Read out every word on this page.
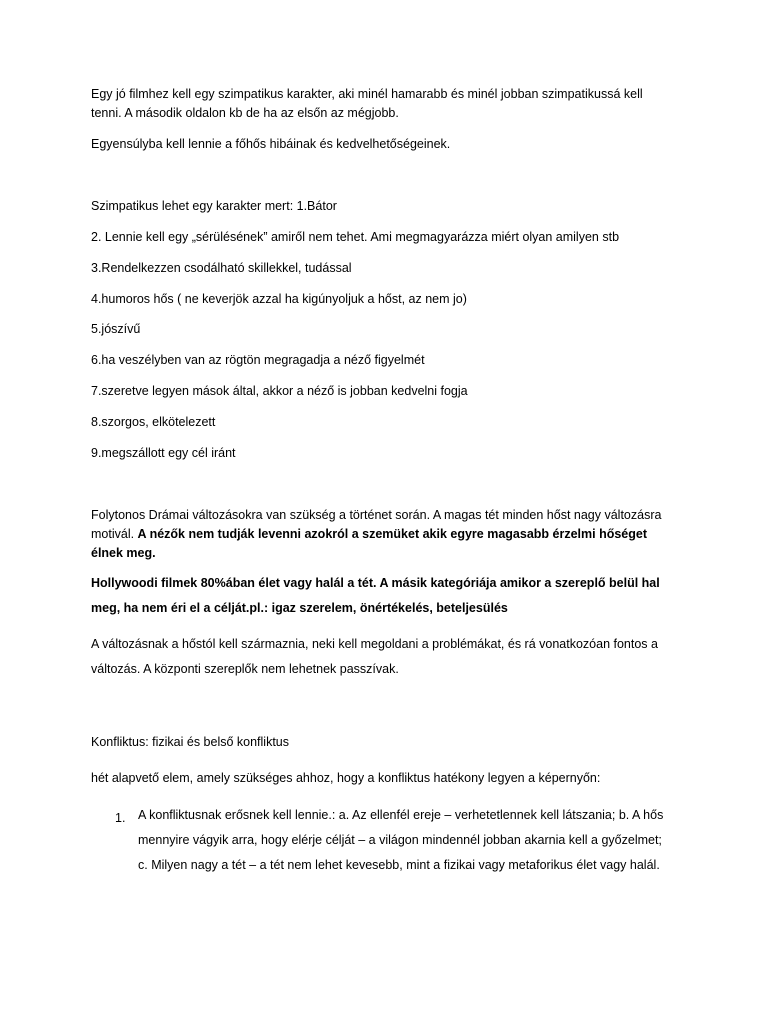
Egy jó filmhez kell egy szimpatikus karakter, aki minél hamarabb és minél jobban szimpatikussá kell tenni. A második oldalon kb de ha az elsőn az mégjobb.

Egyensúlyba kell lennie a főhős hibáinak és kedvelhetőségeinek.

Szimpatikus lehet egy karakter mert: 1.Bátor

2. Lennie kell egy „sérülésének” amiről nem tehet. Ami megmagyarázza miért olyan amilyen stb

3.Rendelkezzen csodálható skillekkel, tudással

4.humoros hős ( ne keverjök azzal ha kigúnyoljuk a hőst, az nem jo)

5.jószívű

6.ha veszélyben van az rögtön megragadja a néző figyelmét

7.szeretve legyen mások által, akkor a néző is jobban kedvelni fogja

8.szorgos, elkötelezett

9.megszállott egy cél iránt

Folytonos Drámai változásokra van szükség a történet során. A magas tét minden hőst nagy változásra motivál. A nézők nem tudják levenni azokról a szemüket akik egyre magasabb érzelmi hőséget élnek meg.

Hollywoodi filmek 80%ában élet vagy halál a tét. A másik kategóriája amikor a szereplő belül hal meg, ha nem éri el a célját.pl.: igaz szerelem, önértékelés, beteljesülés

A változásnak a hőstól kell származnia, neki kell megoldani a problémákat, és rá vonatkozóan fontos a változás. A központi szereplők nem lehetnek passzívak.

Konfliktus: fizikai és belső konfliktus

hét alapvető elem, amely szükséges ahhoz, hogy a konfliktus hatékony legyen a képernyőn:

1. A konfliktusnak erősnek kell lennie.: a. Az ellenfél ereje – verhetetlennek kell látszania; b. A hős mennyire vágyik arra, hogy elérje célját – a világon mindennél jobban akarnia kell a győzelmet; c. Milyen nagy a tét – a tét nem lehet kevesebb, mint a fizikai vagy metaforikus élet vagy halál.
